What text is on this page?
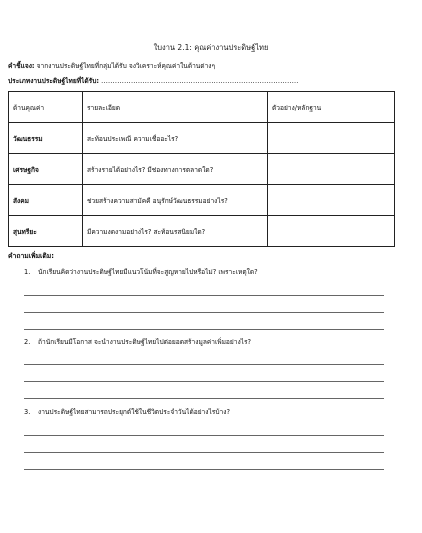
ใบงาน 2.1: คุณค่างานประดิษฐ์ไทย
คำชี้แจง: จากงานประดิษฐ์ไทยที่กลุ่มได้รับ จงวิเคราะห์คุณค่าในด้านต่างๆ
ประเภทงานประดิษฐ์ไทยที่ได้รับ: ......................................................................................
ด้านคุณค่า	รายละเอียด	ตัวอย่าง/หลักฐาน
วัฒนธรรม	สะท้อนประเพณี ความเชื่ออะไร?	
เศรษฐกิจ	สร้างรายได้อย่างไร? มีช่องทางการตลาดใด?	
สังคม	ช่วยสร้างความสามัคคี อนุรักษ์วัฒนธรรมอย่างไร?	
สุนทรียะ	มีความงดงามอย่างไร? สะท้อนรสนิยมใด?	
คำถามเพิ่มเติม:
1. นักเรียนคิดว่างานประดิษฐ์ไทยมีแนวโน้มที่จะสูญหายไปหรือไม่? เพราะเหตุใด?
2. ถ้านักเรียนมีโอกาส จะนำงานประดิษฐ์ไทยไปต่อยอดสร้างมูลค่าเพิ่มอย่างไร?
3. งานประดิษฐ์ไทยสามารถประยุกต์ใช้ในชีวิตประจำวันได้อย่างไรบ้าง?
